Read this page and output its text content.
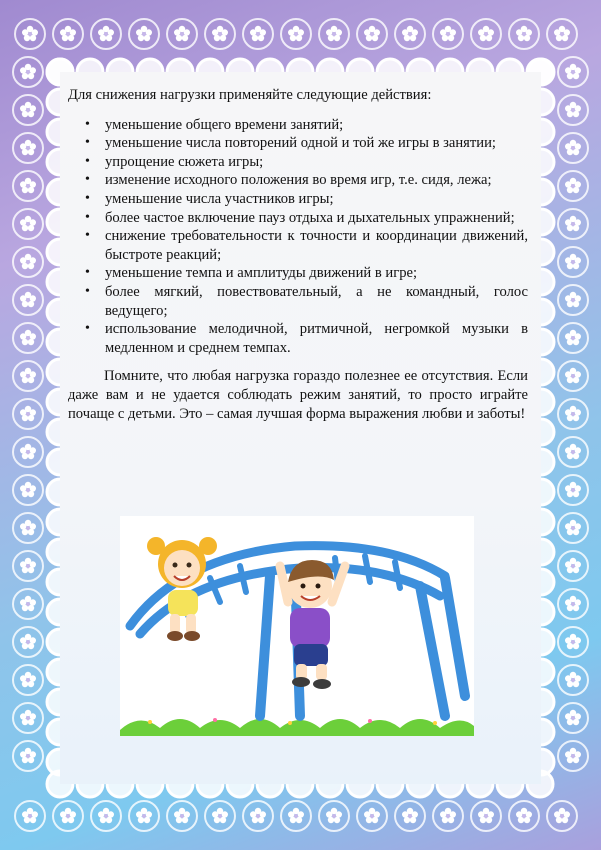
Для снижения нагрузки применяйте следующие действия:

• уменьшение общего времени занятий;
• уменьшение числа повторений одной и той же игры в занятии;
• упрощение сюжета игры;
• изменение исходного положения во время игр, т.е. сидя, лежа;
• уменьшение числа участников игры;
• более частое включение пауз отдыха и дыхательных упражнений;
• снижение требовательности к точности и координации движений, быстроте реакций;
• уменьшение темпа и амплитуды движений в игре;
• более мягкий, повествовательный, а не командный, голос ведущего;
• использование мелодичной, ритмичной, негромкой музыки в медленном и среднем темпах.

Помните, что любая нагрузка гораздо полезнее ее отсутствия. Если даже вам и не удается соблюдать режим занятий, то просто играйте почаще с детьми. Это – самая лучшая форма выражения любви и заботы!
